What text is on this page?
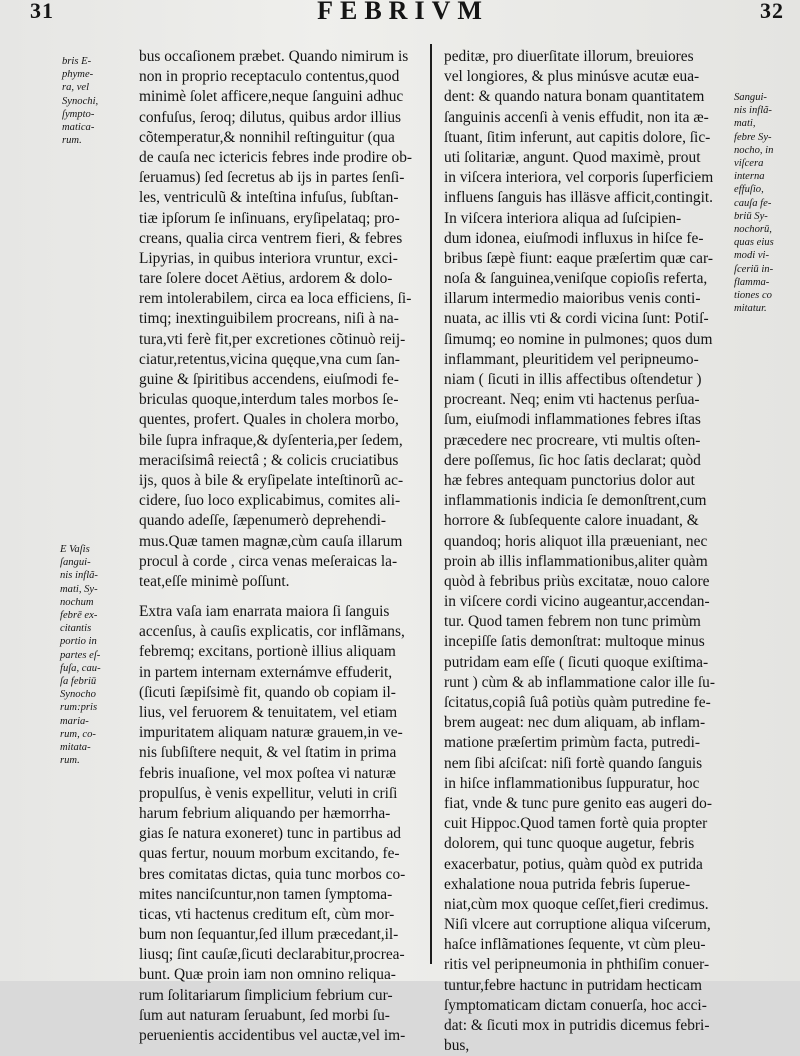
31	FEBRIVM	32
bris E-
phyme-
ra, vel
Synochi,
ſympto-
matica-
rum.
E Vaſis
ſangui-
nis inflã-
mati, Sy-
nochum
febrē ex-
citantis
portio in
partes eſ-
fuſa, cau-
ſa febriū
Synocho
rum:pris
maria-
rum, co-
mitata-
rum.
Sangui-
nis inflã-
mati,
febre Sy-
nocho, in
viſcera
interna
effuſio,
cauſa fe-
briū Sy-
nochorū,
quas eius
modi vi-
ſceriū in-
flamma-
tiones co
mitatur.
bus occaſionem præbet. Quando nimirum is
non in proprio receptaculo contentus,quod
minimè ſolet afficere,neque ſanguini adhuc
confuſus, ſeroq; dilutus, quibus ardor illius
cõtemperatur,& nonnihil reſtinguitur (qua
de cauſa nec ictericis febres inde prodire ob-
ſeruamus) ſed ſecretus ab ijs in partes ſenſi-
les, ventriculũ & inteſtina infuſus, ſubſtan-
tiæ ipſorum ſe inſinuans, eryſipelataq; pro-
creans, qualia circa ventrem fieri, & febres
Lipyrias, in quibus interiora vruntur, exci-
tare ſolere docet Aëtius, ardorem & dolo-
rem intolerabilem, circa ea loca efficiens, ſi-
timq; inextinguibilem procreans, niſi à na-
tura,vti ferè fit,per excretiones cõtinuò reij-
ciatur,retentus,vicina quęque,vna cum ſan-
guine & ſpiritibus accendens, eiuſmodi fe-
briculas quoque,interdum tales morbos ſe-
quentes, profert. Quales in cholera morbo,
bile ſupra infraque,& dyſenteria,per ſedem,
meraciſsimâ reiectâ ; & colicis cruciatibus
ijs, quos à bile & eryſipelate inteſtinorũ ac-
cidere, ſuo loco explicabimus, comites ali-
quando adeſſe, ſæpenumerò deprehendi-
mus.Quæ tamen magnæ,cùm cauſa illarum
procul à corde , circa venas meſeraicas la-
teat,eſſe minimè poſſunt.
Extra vaſa iam enarrata maiora ſi ſanguis
accenſus, à cauſis explicatis, cor inflãmans,
febremq; excitans, portionè illius aliquam
in partem internam externámve effuderit,
(ſicuti ſæpiſsimè fit, quando ob copiam il-
lius, vel feruorem & tenuitatem, vel etiam
impuritatem aliquam naturæ grauem,in ve-
nis ſubſiſtere nequit, & vel ſtatim in prima
febris inuaſione, vel mox poſtea vi naturæ
propulſus, è venis expellitur, veluti in criſi
harum febrium aliquando per hæmorrha-
gias ſe natura exoneret) tunc in partibus ad
quas fertur, nouum morbum excitando, fe-
bres comitatas dictas, quia tunc morbos co-
mites nanciſcuntur,non tamen ſymptoma-
ticas, vti hactenus creditum eſt, cùm mor-
bum non ſequantur,ſed illum præcedant,il-
liusq; ſint cauſæ,ſicuti declarabitur,procrea-
bunt. Quæ proin iam non omnino reliqua-
rum ſolitariarum ſimplicium febrium cur-
ſum aut naturam ſeruabunt, ſed morbi ſu-
peruenientis accidentibus vel auctæ,vel im-
peditæ, pro diuerſitate illorum, breuiores
vel longiores, & plus minúsve acutæ eua-
dent: & quando natura bonam quantitatem
ſanguinis accenſi à venis effudit, non ita æ-
ſtuant, ſitim inferunt, aut capitis dolore, ſic-
uti ſolitariæ, angunt. Quod maximè, prout
in viſcera interiora, vel corporis ſuperficiem
influens ſanguis has illäsve afficit,contingit.
In viſcera interiora aliqua ad ſuſcipien-
dum idonea, eiuſmodi influxus in hiſce fe-
bribus ſæpè fiunt: eaque præſertim quæ car-
noſa & ſanguinea,veniſque copioſis referta,
illarum intermedio maioribus venis conti-
nuata, ac illis vti & cordi vicina ſunt: Potiſ-
ſimumq; eo nomine in pulmones; quos dum
inflammant, pleuritidem vel peripneumo-
niam ( ſicuti in illis affectibus oſtendetur )
procreant. Neq; enim vti hactenus perſua-
ſum, eiuſmodi inflammationes febres iſtas
præcedere nec procreare, vti multis oſten-
dere poſſemus, ſic hoc ſatis declarat; quòd
hæ febres antequam punctorius dolor aut
inflammationis indicia ſe demonſtrent,cum
horrore & ſubſequente calore inuadant, &
quandoq; horis aliquot illa præueniant, nec
proin ab illis inflammationibus,aliter quàm
quòd à febribus priùs excitatæ, nouo calore
in viſcere cordi vicino augeantur,accendan-
tur. Quod tamen febrem non tunc primùm
incepiſſe ſatis demonſtrat: multoque minus
putridam eam eſſe ( ſicuti quoque exiſtima-
runt ) cùm & ab inflammatione calor ille ſu-
ſcitatus,copiâ ſuâ potiùs quàm putredine fe-
brem augeat: nec dum aliquam, ab inflam-
matione præſertim primùm facta, putredi-
nem ſibi aſciſcat: niſi fortè quando ſanguis
in hiſce inflammationibus ſuppuratur, hoc
fiat, vnde & tunc pure genito eas augeri do-
cuit Hippoc.Quod tamen fortè quia propter
dolorem, qui tunc quoque augetur, febris
exacerbatur, potius, quàm quòd ex putrida
exhalatione noua putrida febris ſuperue-
niat,cùm mox quoque ceſſet,fieri credimus.
Niſi vlcere aut corruptione aliqua viſcerum,
haſce inflãmationes ſequente, vt cùm pleu-
ritis vel peripneumonia in phthiſim conuer-
tuntur,febre hactunc in putridam hecticam
ſymptomaticam dictam conuerſa, hoc acci-
dat: & ſicuti mox in putridis dicemus febri-
bus,
